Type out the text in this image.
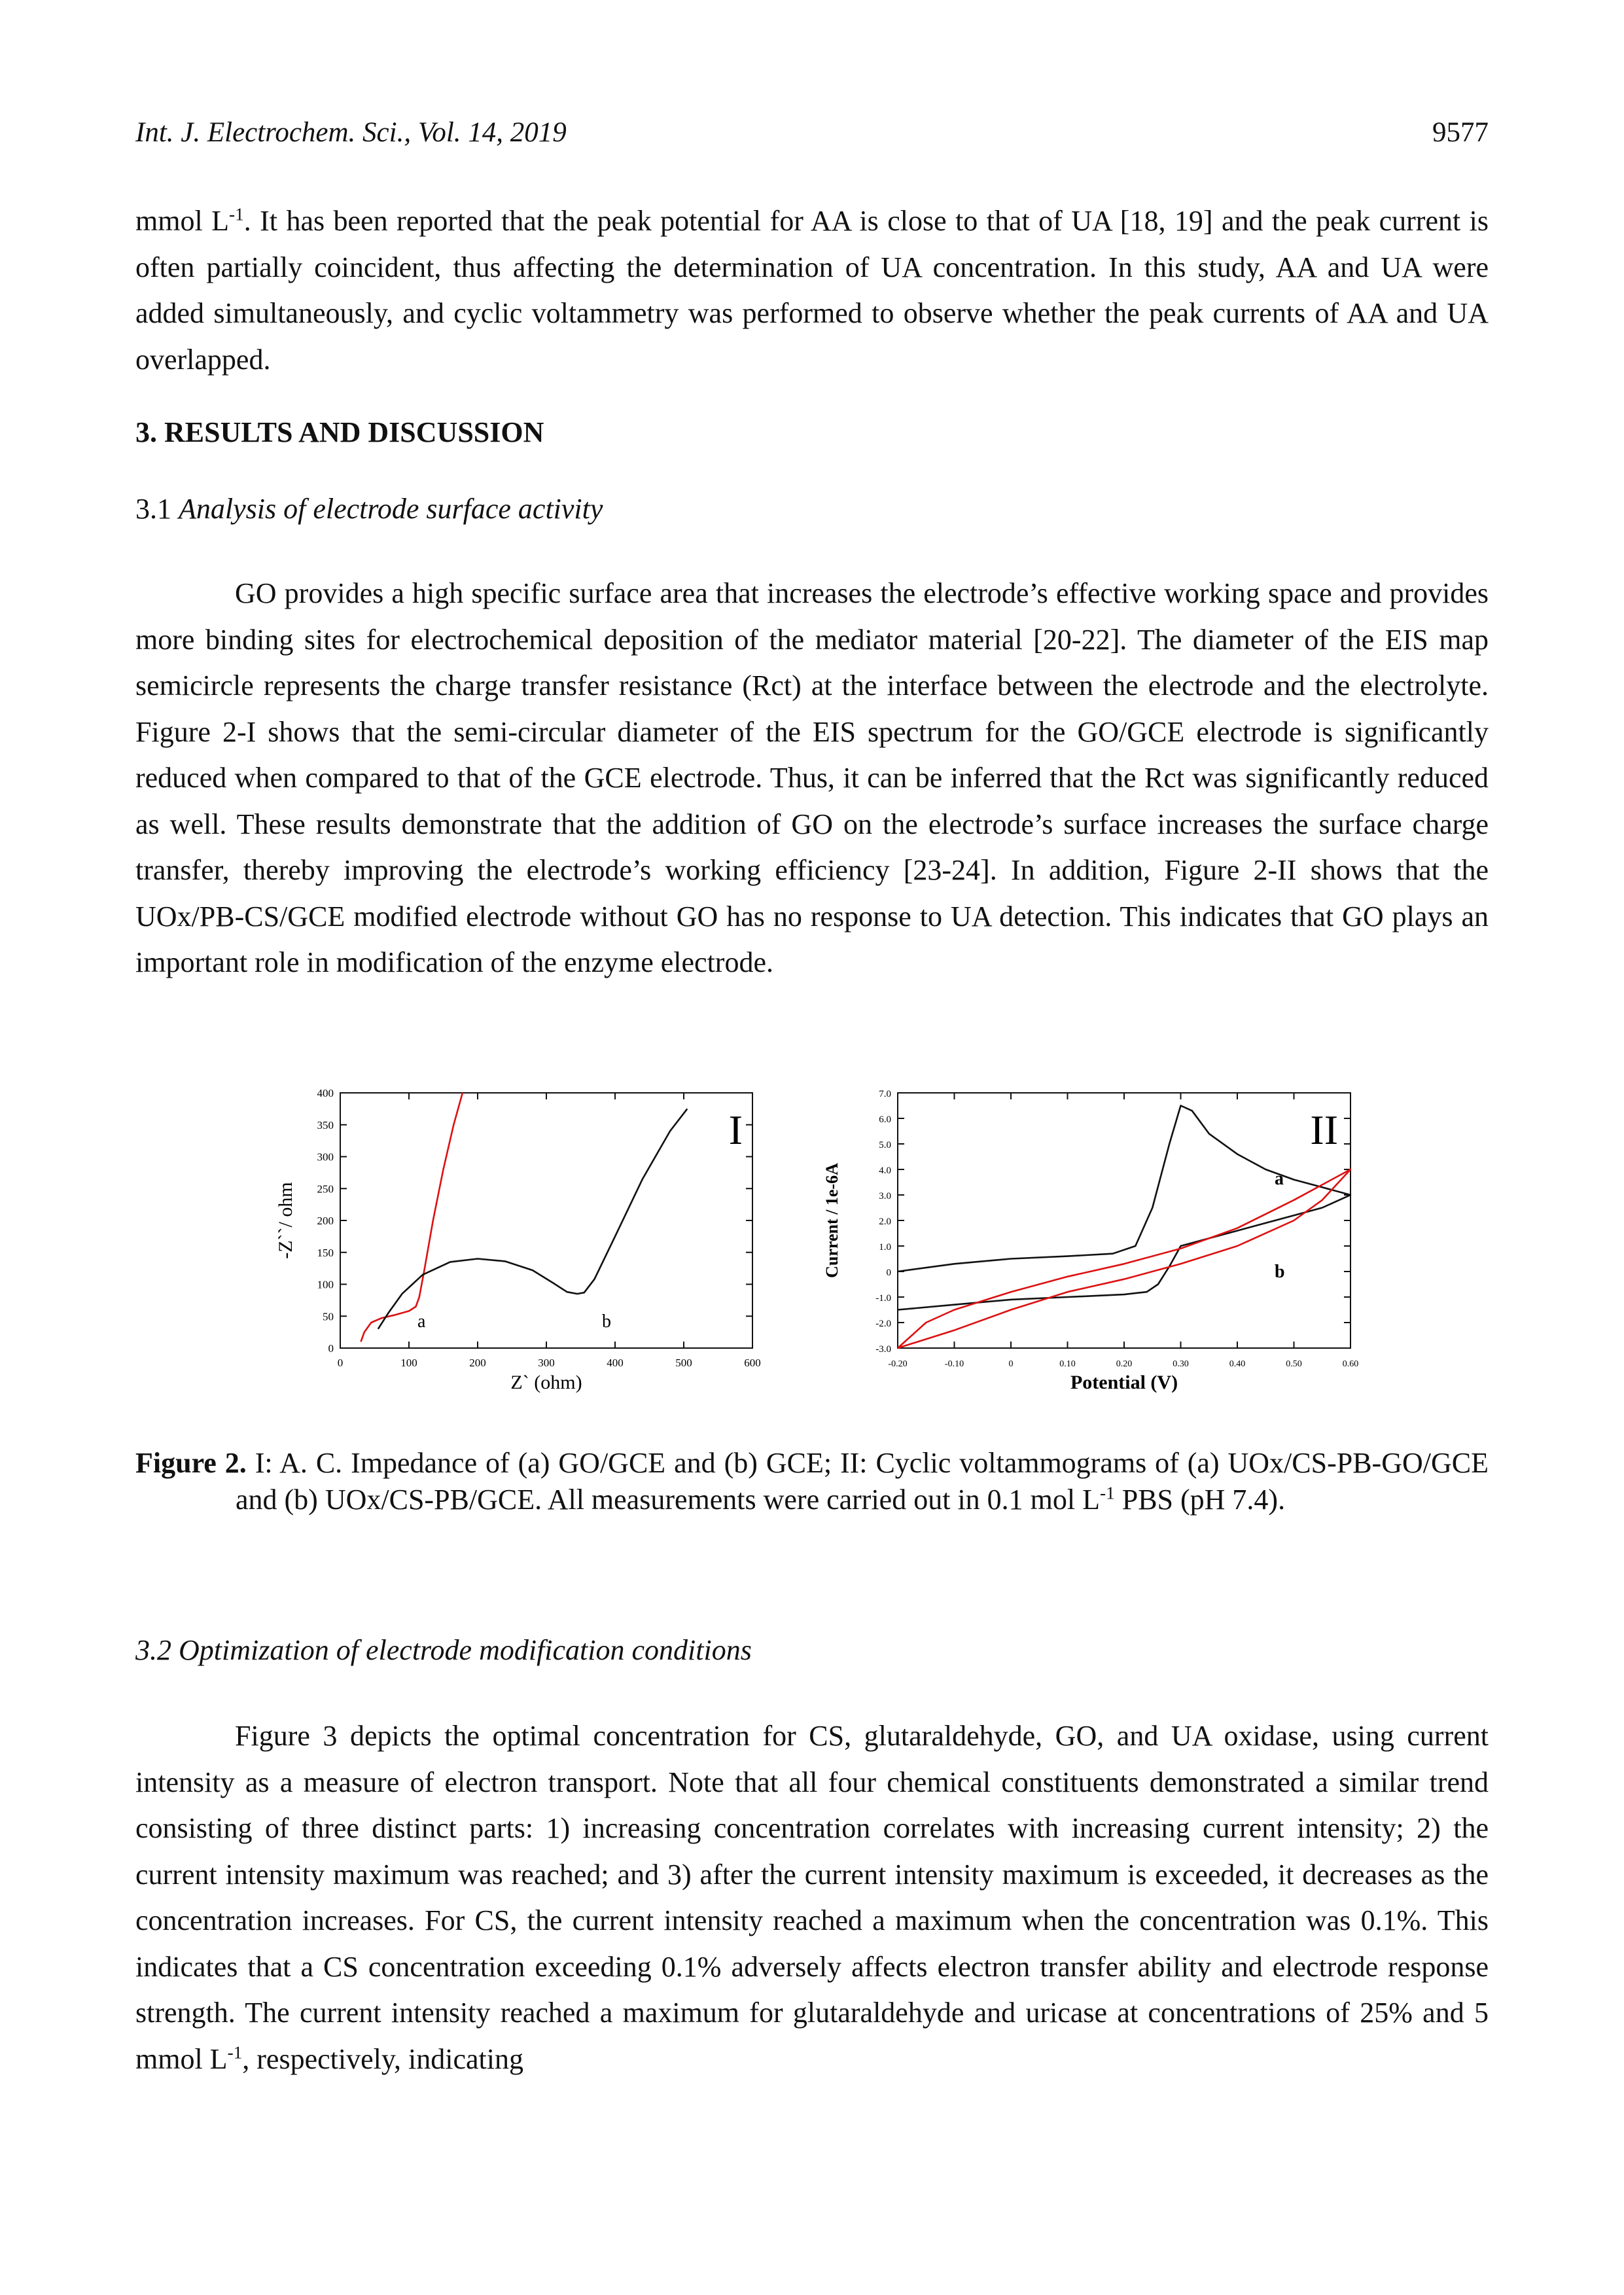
Int. J. Electrochem. Sci., Vol. 14, 2019	9577
mmol $L^{-1}$. It has been reported that the peak potential for AA is close to that of UA [18, 19] and the peak current is often partially coincident, thus affecting the determination of UA concentration. In this study, AA and UA were added simultaneously, and cyclic voltammetry was performed to observe whether the peak currents of AA and UA overlapped.
3. RESULTS AND DISCUSSION
3.1 Analysis of electrode surface activity
GO provides a high specific surface area that increases the electrode’s effective working space and provides more binding sites for electrochemical deposition of the mediator material [20-22]. The diameter of the EIS map semicircle represents the charge transfer resistance (Rct) at the interface between the electrode and the electrolyte. Figure 2-I shows that the semi-circular diameter of the EIS spectrum for the GO/GCE electrode is significantly reduced when compared to that of the GCE electrode. Thus, it can be inferred that the Rct was significantly reduced as well. These results demonstrate that the addition of GO on the electrode’s surface increases the surface charge transfer, thereby improving the electrode’s working efficiency [23-24]. In addition, Figure 2-II shows that the UOx/PB-CS/GCE modified electrode without GO has no response to UA detection. This indicates that GO plays an important role in modification of the enzyme electrode.
0	100	200	300	400	500	600
0
50
100
150
200
250
300
350
400
I
Z` (ohm)
-Z``/ ohm
a	b
-0.20	-0.10	0	0.10	0.20	0.30	0.40	0.50	0.60
-3.0
-2.0
-1.0
0
1.0
2.0
3.0
4.0
5.0
6.0
7.0
II
Potential (V)
Current / 1e-6A	a
b
Figure 2. I: A. C. Impedance of (a) GO/GCE and (b) GCE; II: Cyclic voltammograms of (a) UOx/CS-PB-GO/GCE and (b) UOx/CS-PB/GCE. All measurements were carried out in 0.1 mol $L^{-1}$ PBS (pH 7.4).
3.2 Optimization of electrode modification conditions
Figure 3 depicts the optimal concentration for CS, glutaraldehyde, GO, and UA oxidase, using current intensity as a measure of electron transport. Note that all four chemical constituents demonstrated a similar trend consisting of three distinct parts: 1) increasing concentration correlates with increasing current intensity; 2) the current intensity maximum was reached; and 3) after the current intensity maximum is exceeded, it decreases as the concentration increases. For CS, the current intensity reached a maximum when the concentration was 0.1%. This indicates that a CS concentration exceeding 0.1% adversely affects electron transfer ability and electrode response strength. The current intensity reached a maximum for glutaraldehyde and uricase at concentrations of 25% and 5 mmol $L^{-1}$, respectively, indicating
